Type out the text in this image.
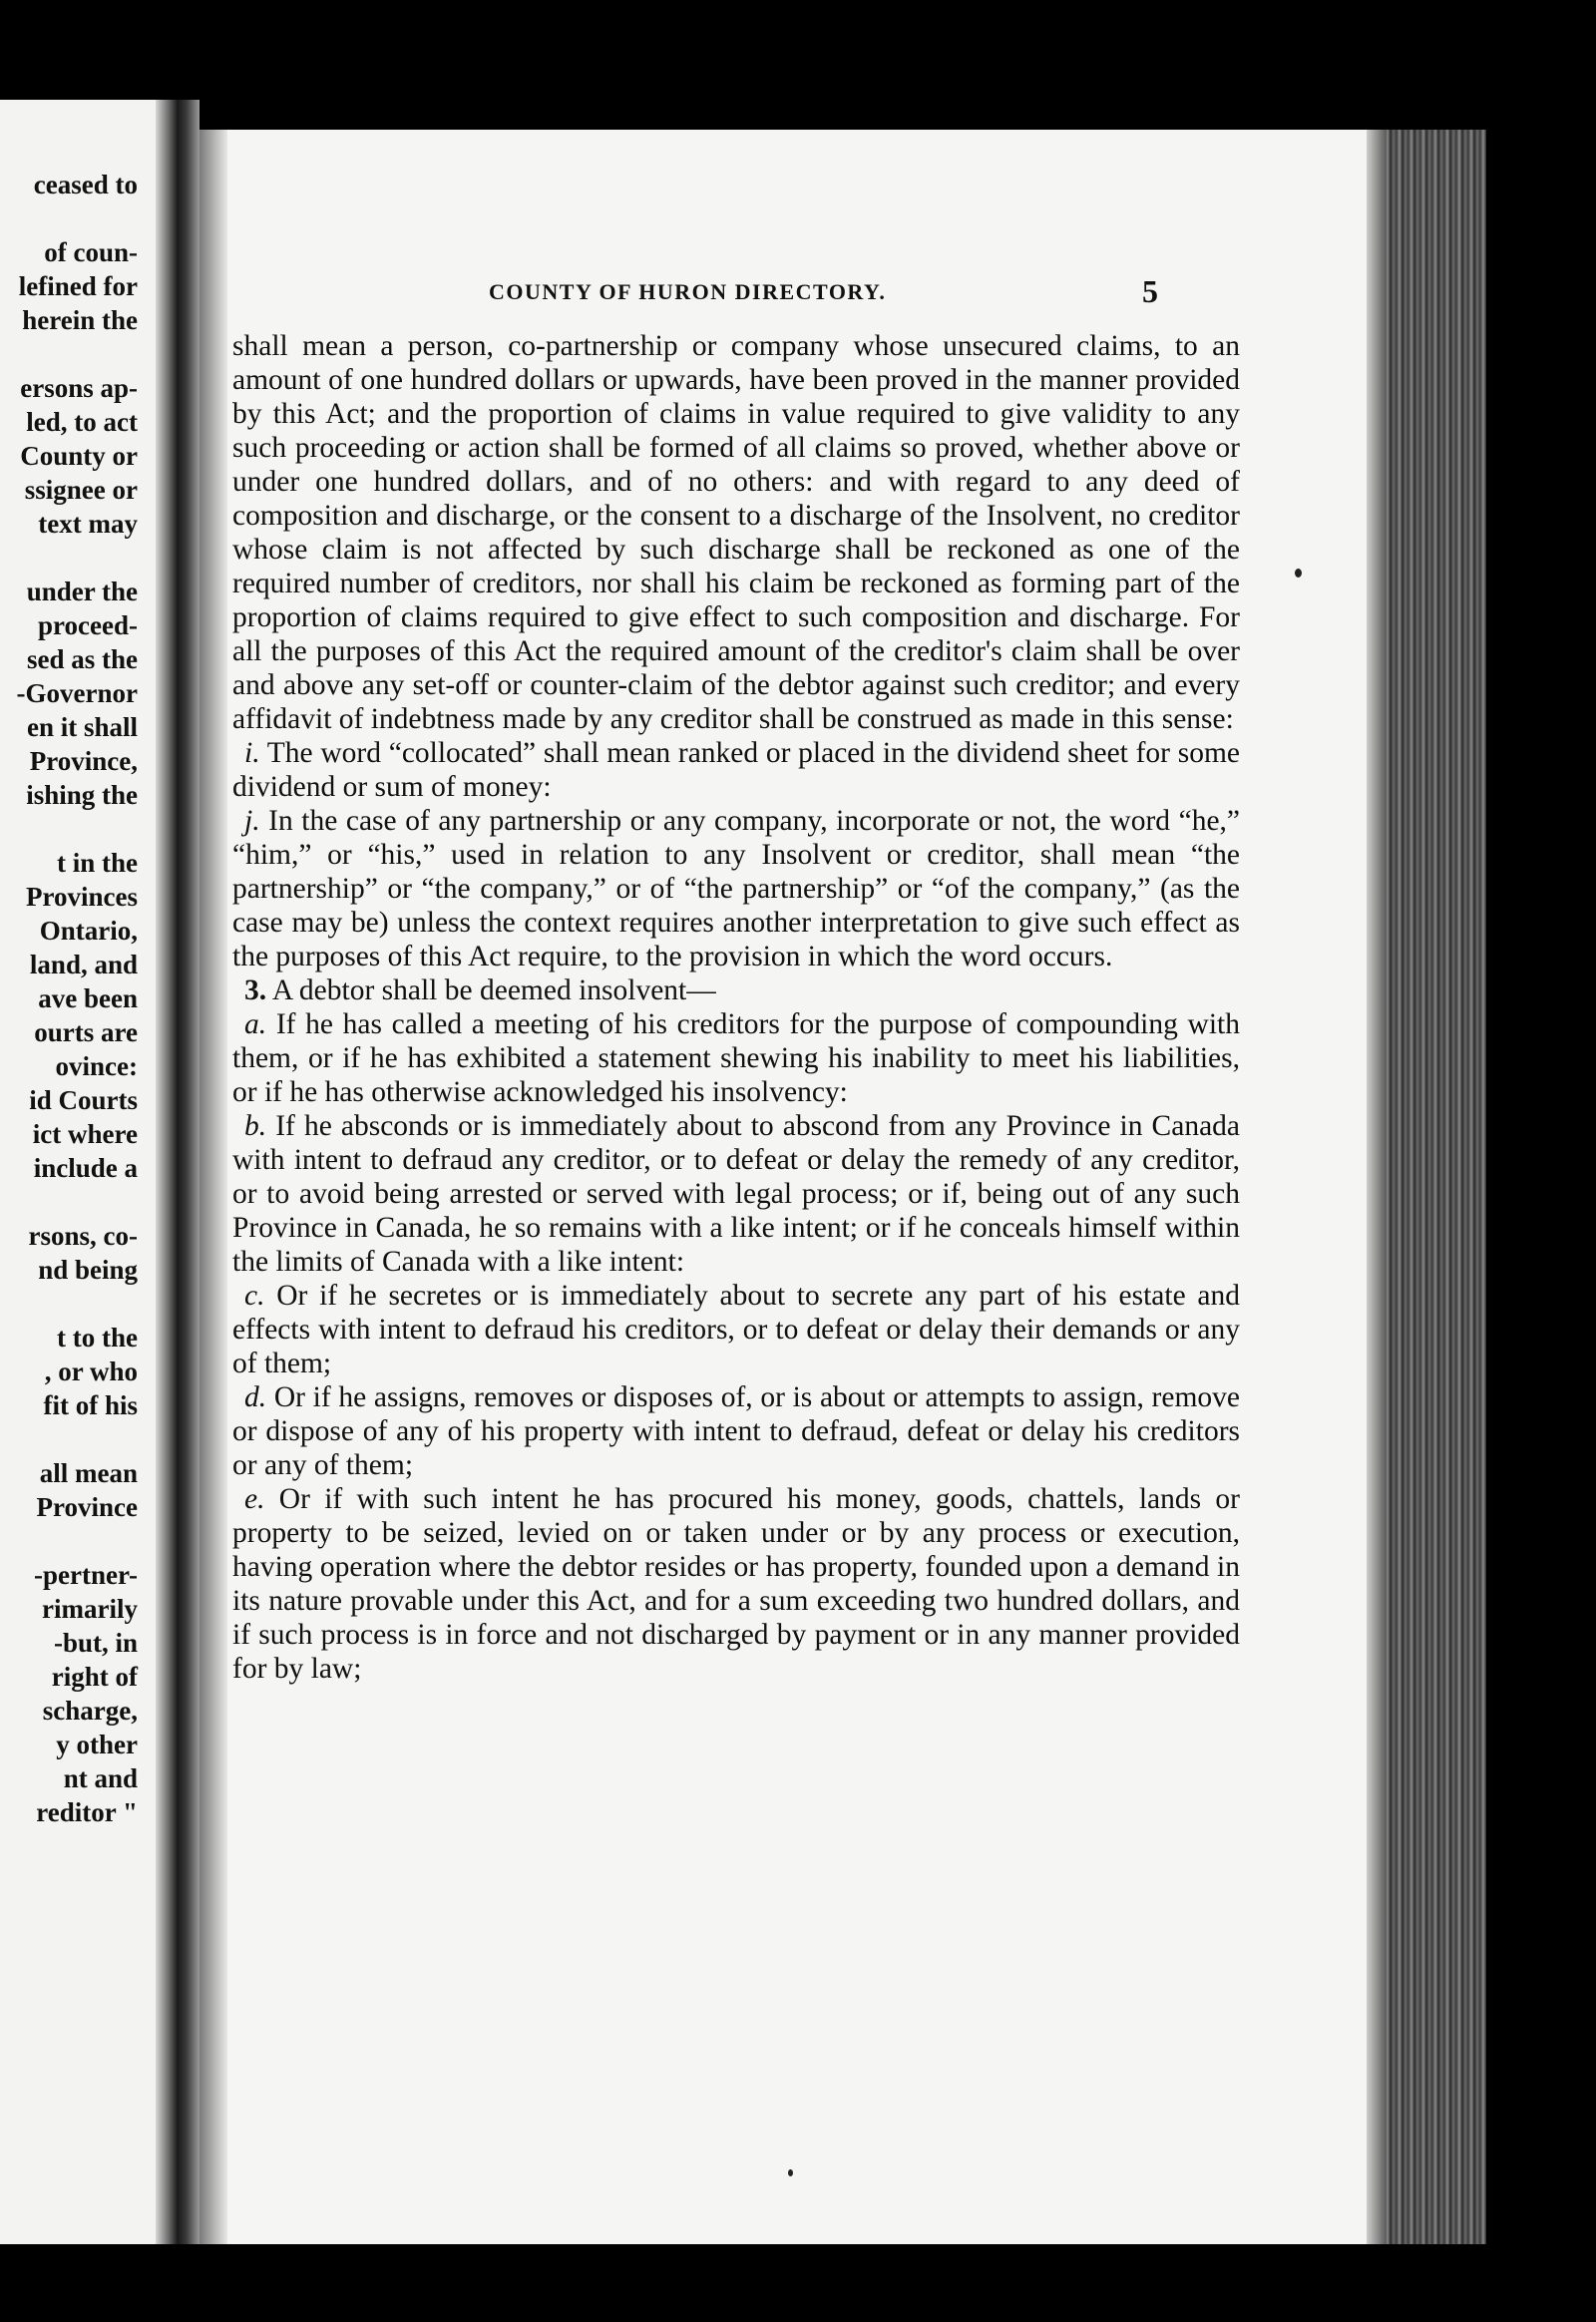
ceased to
of coun-
lefined for
herein the
ersons ap-
led, to act
County or
ssignee or
text may
under the
proceed-
sed as the
-Governor
en it shall
Province,
ishing the
t in the
Provinces
Ontario,
land, and
ave been
ourts are
ovince:
id Courts
ict where
include a
rsons, co-
nd being
t to the
, or who
fit of his
all mean
Province
-pertner-
rimarily
-but, in
right of
scharge,
y other
nt and
reditor "

COUNTY OF HURON DIRECTORY.	5

shall mean a person, co-partnership or company whose unsecured claims, to an amount of one hundred dollars or upwards, have been proved in the manner provided by this Act; and the proportion of claims in value required to give validity to any such proceeding or action shall be formed of all claims so proved, whether above or under one hundred dollars, and of no others: and with regard to any deed of composition and discharge, or the consent to a discharge of the Insolvent, no creditor whose claim is not affected by such discharge shall be reckoned as one of the required number of creditors, nor shall his claim be reckoned as forming part of the proportion of claims required to give effect to such composition and discharge. For all the purposes of this Act the required amount of the creditor's claim shall be over and above any set-off or counter-claim of the debtor against such creditor; and every affidavit of indebtness made by any creditor shall be construed as made in this sense:

i. The word “collocated” shall mean ranked or placed in the dividend sheet for some dividend or sum of money:

j. In the case of any partnership or any company, incorporate or not, the word “he,” “him,” or “his,” used in relation to any Insolvent or creditor, shall mean “the partnership” or “the company,” or of “the partnership” or “of the company,” (as the case may be) unless the context requires another interpretation to give such effect as the purposes of this Act require, to the provision in which the word occurs.

3. A debtor shall be deemed insolvent—

a. If he has called a meeting of his creditors for the purpose of compounding with them, or if he has exhibited a statement shewing his inability to meet his liabilities, or if he has otherwise acknowledged his insolvency:

b. If he absconds or is immediately about to abscond from any Province in Canada with intent to defraud any creditor, or to defeat or delay the remedy of any creditor, or to avoid being arrested or served with legal process; or if, being out of any such Province in Canada, he so remains with a like intent; or if he conceals himself within the limits of Canada with a like intent:

c. Or if he secretes or is immediately about to secrete any part of his estate and effects with intent to defraud his creditors, or to defeat or delay their demands or any of them;

d. Or if he assigns, removes or disposes of, or is about or attempts to assign, remove or dispose of any of his property with intent to defraud, defeat or delay his creditors or any of them;

e. Or if with such intent he has procured his money, goods, chattels, lands or property to be seized, levied on or taken under or by any process or execution, having operation where the debtor resides or has property, founded upon a demand in its nature provable under this Act, and for a sum exceeding two hundred dollars, and if such process is in force and not discharged by payment or in any manner provided for by law;
